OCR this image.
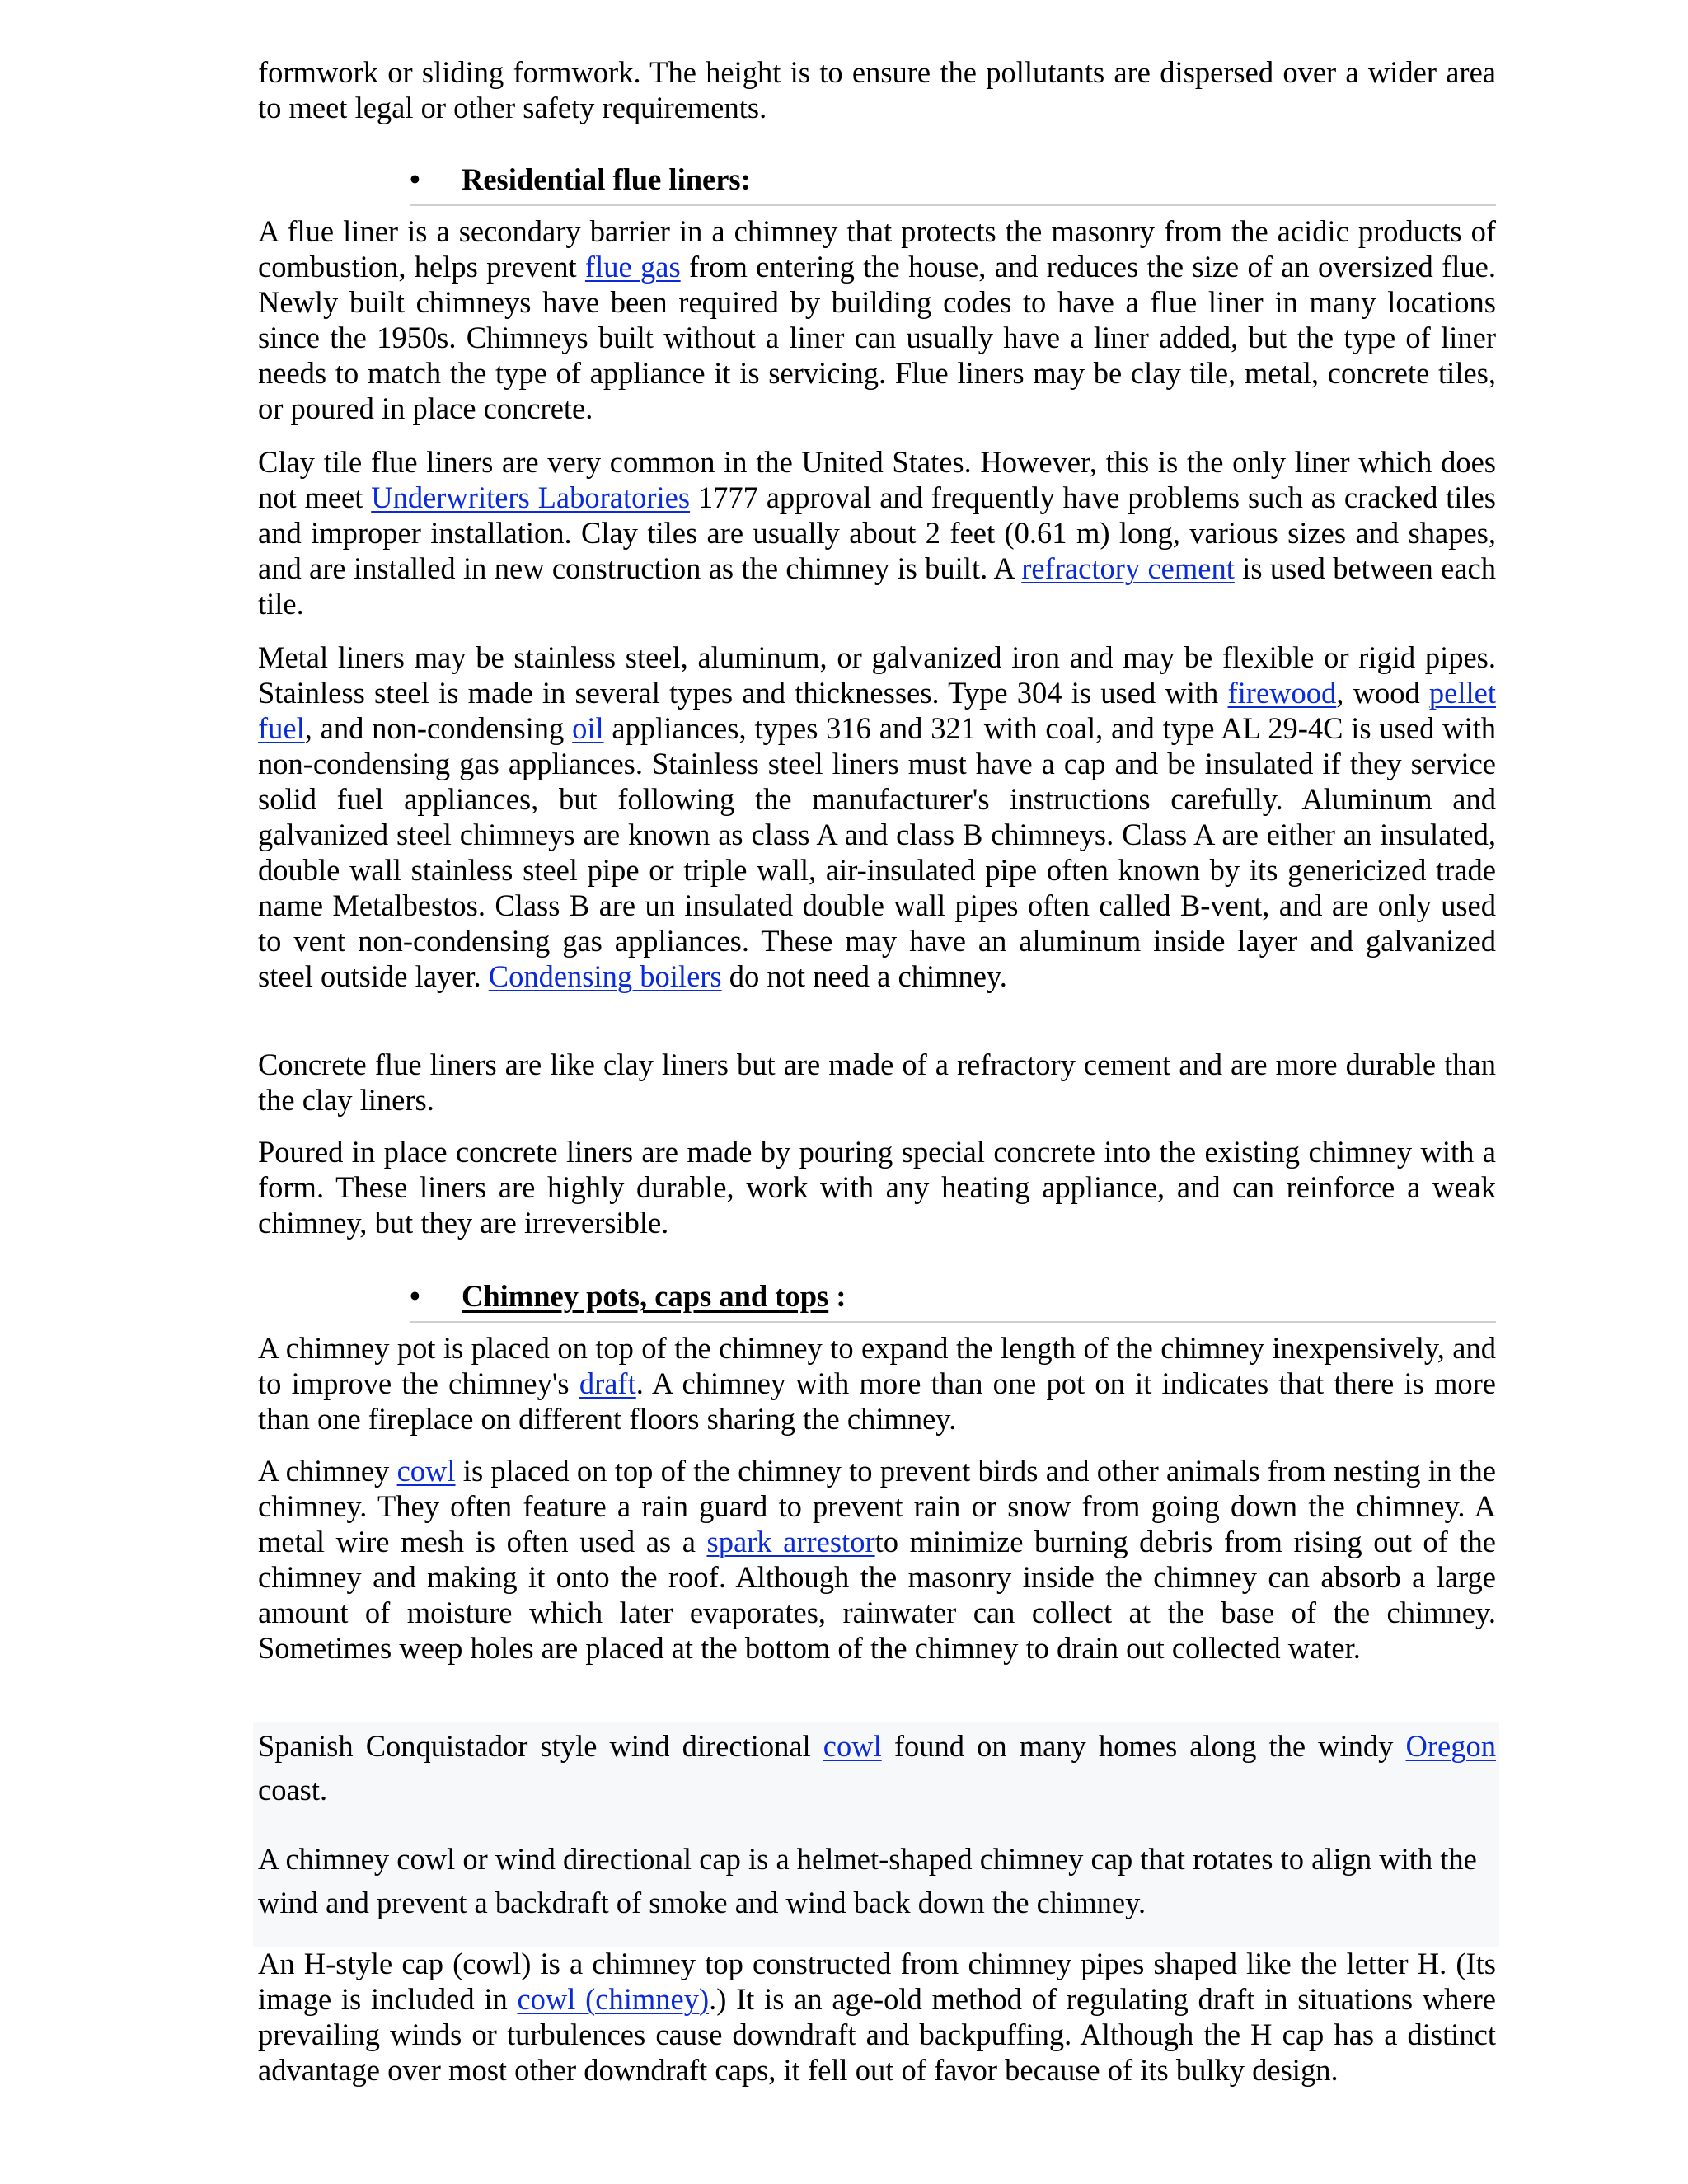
formwork or sliding formwork. The height is to ensure the pollutants are dispersed over a wider area to meet legal or other safety requirements.

• Residential flue liners:

A flue liner is a secondary barrier in a chimney that protects the masonry from the acidic products of combustion, helps prevent flue gas from entering the house, and reduces the size of an oversized flue. Newly built chimneys have been required by building codes to have a flue liner in many locations since the 1950s. Chimneys built without a liner can usually have a liner added, but the type of liner needs to match the type of appliance it is servicing. Flue liners may be clay tile, metal, concrete tiles, or poured in place concrete.

Clay tile flue liners are very common in the United States. However, this is the only liner which does not meet Underwriters Laboratories 1777 approval and frequently have problems such as cracked tiles and improper installation. Clay tiles are usually about 2 feet (0.61 m) long, various sizes and shapes, and are installed in new construction as the chimney is built. A refractory cement is used between each tile.

Metal liners may be stainless steel, aluminum, or galvanized iron and may be flexible or rigid pipes. Stainless steel is made in several types and thicknesses. Type 304 is used with firewood, wood pellet fuel, and non-condensing oil appliances, types 316 and 321 with coal, and type AL 29-4C is used with non-condensing gas appliances. Stainless steel liners must have a cap and be insulated if they service solid fuel appliances, but following the manufacturer's instructions carefully. Aluminum and galvanized steel chimneys are known as class A and class B chimneys. Class A are either an insulated, double wall stainless steel pipe or triple wall, air-insulated pipe often known by its genericized trade name Metalbestos. Class B are un insulated double wall pipes often called B-vent, and are only used to vent non-condensing gas appliances. These may have an aluminum inside layer and galvanized steel outside layer. Condensing boilers do not need a chimney.

Concrete flue liners are like clay liners but are made of a refractory cement and are more durable than the clay liners.

Poured in place concrete liners are made by pouring special concrete into the existing chimney with a form. These liners are highly durable, work with any heating appliance, and can reinforce a weak chimney, but they are irreversible.

• Chimney pots, caps and tops :

A chimney pot is placed on top of the chimney to expand the length of the chimney inexpensively, and to improve the chimney's draft. A chimney with more than one pot on it indicates that there is more than one fireplace on different floors sharing the chimney.

A chimney cowl is placed on top of the chimney to prevent birds and other animals from nesting in the chimney. They often feature a rain guard to prevent rain or snow from going down the chimney. A metal wire mesh is often used as a spark arrestorto minimize burning debris from rising out of the chimney and making it onto the roof. Although the masonry inside the chimney can absorb a large amount of moisture which later evaporates, rainwater can collect at the base of the chimney. Sometimes weep holes are placed at the bottom of the chimney to drain out collected water.

Spanish Conquistador style wind directional cowl found on many homes along the windy Oregon coast.

A chimney cowl or wind directional cap is a helmet-shaped chimney cap that rotates to align with the wind and prevent a backdraft of smoke and wind back down the chimney.

An H-style cap (cowl) is a chimney top constructed from chimney pipes shaped like the letter H. (Its image is included in cowl (chimney).) It is an age-old method of regulating draft in situations where prevailing winds or turbulences cause downdraft and backpuffing. Although the H cap has a distinct advantage over most other downdraft caps, it fell out of favor because of its bulky design.
